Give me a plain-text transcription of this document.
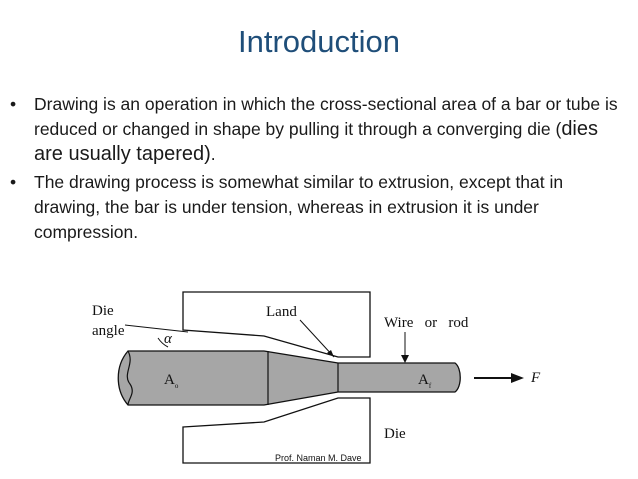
Introduction
• Drawing is an operation in which the cross-sectional area of a bar or tube is reduced or changed in shape by pulling it through a converging die (dies are usually tapered).
• The drawing process is somewhat similar to extrusion, except that in drawing, the bar is under tension, whereas in extrusion it is under compression.
Die
angle	α
Land
Wire   or   rod
$A_o$	$A_f$	F
Die
Prof. Naman M. Dave
